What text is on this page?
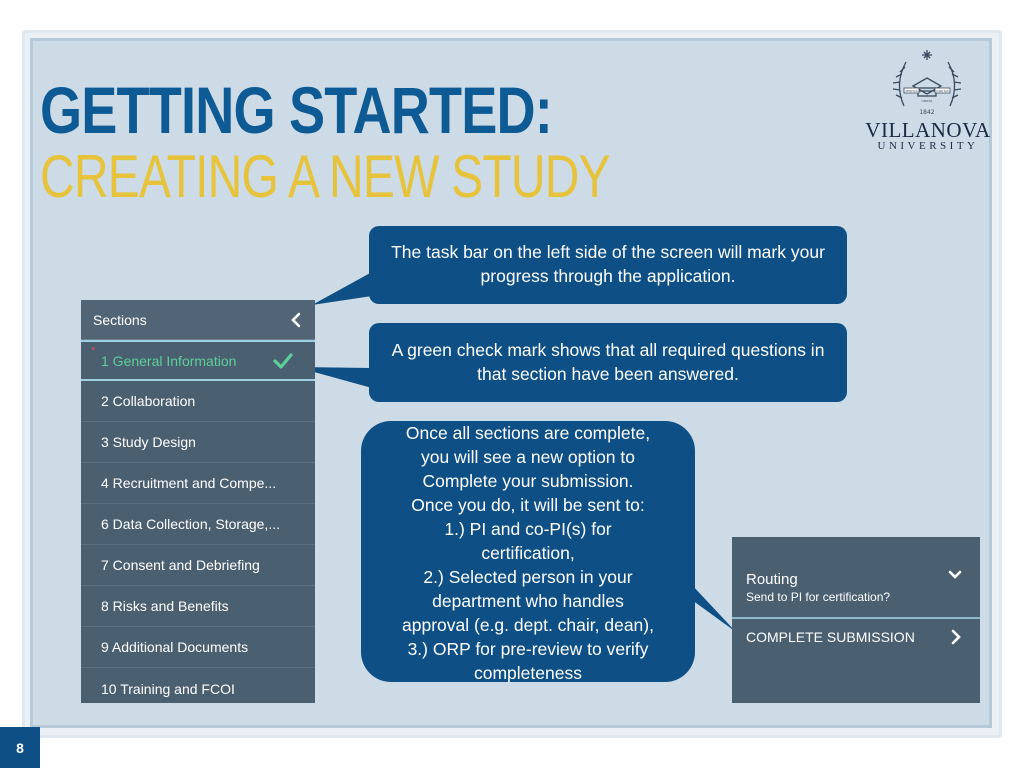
GETTING STARTED:
CREATING A NEW STUDY
VERITAS
UNITAS
CARITAS
1842
VILLANOVA
UNIVERSITY
Sections
*
1 General Information
2 Collaboration
3 Study Design
4 Recruitment and Compe...
6 Data Collection, Storage,...
7 Consent and Debriefing
8 Risks and Benefits
9 Additional Documents
10 Training and FCOI
The task bar on the left side of the screen will mark your progress through the application.
A green check mark shows that all required questions in that section have been answered.
Once all sections are complete,
you will see a new option to
Complete your submission.
Once you do, it will be sent to:
1.) PI and co-PI(s) for
certification,
2.) Selected person in your
department who handles
approval (e.g. dept. chair, dean),
3.) ORP for pre-review to verify
completeness
Routing
Send to PI for certification?
COMPLETE SUBMISSION
8
